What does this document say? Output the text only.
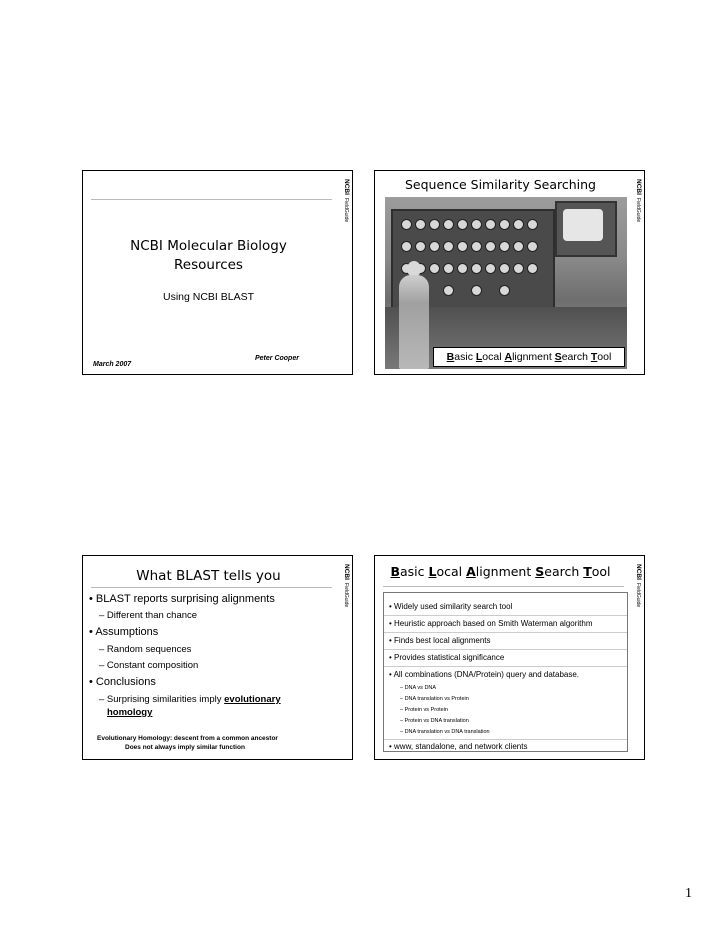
NCBIFieldGuide
NCBI Molecular Biology
Resources
Using NCBI BLAST
Peter Cooper
March 2007
NCBIFieldGuide
Sequence Similarity Searching
B asic L ocal A lignment S earch T ool
NCBIFieldGuide
What BLAST tells you
• BLAST reports surprising alignments
– Different than chance
• Assumptions
– Random sequences
– Constant composition
• Conclusions
– Surprising similarities imply evolutionary
homology
Evolutionary Homology: descent from a common ancestor
Does not always imply similar function
NCBIFieldGuide
Basic Local Alignment Search Tool
• Widely used similarity search tool
• Heuristic approach based on Smith Waterman algorithm
• Finds best local alignments
• Provides statistical significance
• All combinations (DNA/Protein) query and database.
– DNA vs DNA
– DNA translation vs Protein
– Protein vs Protein
– Protein vs DNA translation
– DNA translation vs DNA translation
• www, standalone, and network clients
1
